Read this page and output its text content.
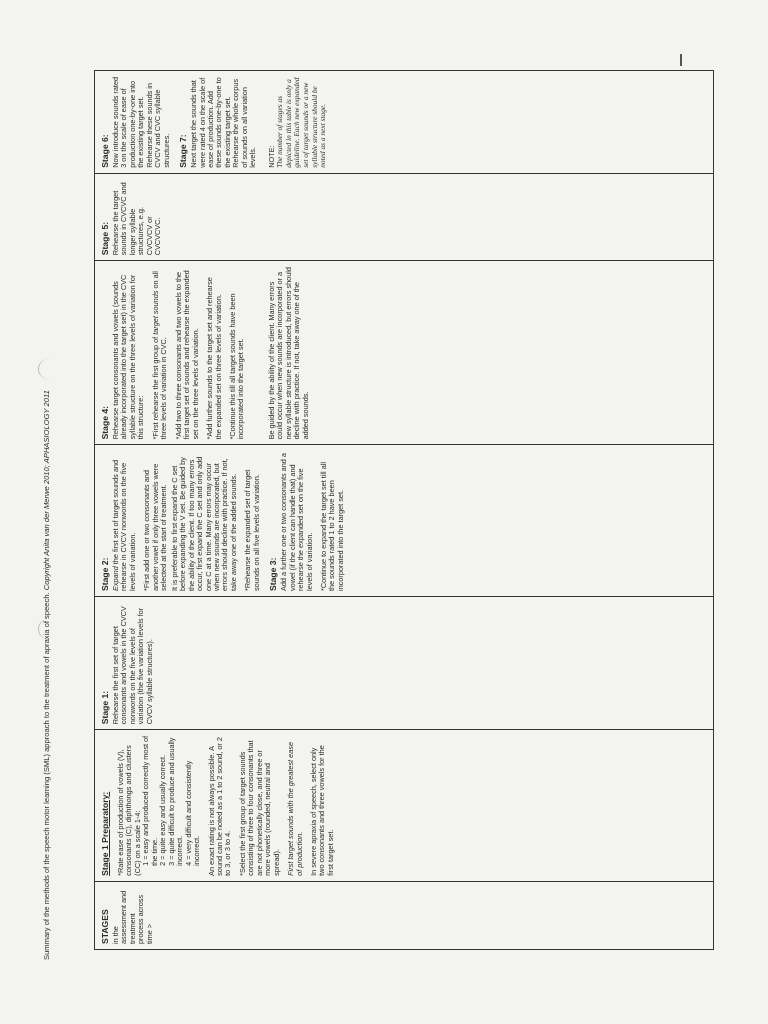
Summary of the methods of the speech motor learning (SML) approach to the treatment of apraxia of speech. Copyright Anita van der Merwe 2010; APHASIOLOGY 2011
STAGES in the assessment and treatment process across time >	
Stage 1 Preparatory: *Rate ease of production of vowels (V), consonants (C), diphthongs and clusters (CC) on a scale 1-4: 1 = easy and produced correctly most of the time. 2 = quite easy and usually correct. 3 = quite difficult to produce and usually incorrect. 4 = very difficult and consistently incorrect. An exact rating is not always possible. A sound can be noted as a 1 to 2 sound, or 2 to 3, or 3 to 4. *Select the first group of target sounds consisting of three to four consonants that are not phonetically close, and three or more vowels (rounded, neutral and spread). First target sounds with the greatest ease of production. In severe apraxia of speech, select only two consonants and three vowels for the first target set.

Stage 1: Rehearse the first set of target consonants and vowels in the CVCV nonwords on the five levels of variation (the five variation levels for CVCV syllable structures).	
Stage 2: Expand the first set of target sounds and rehearse in CVCV nonwords on the five levels of variation. *First add one or two consonants and another vowel if only three vowels were selected at the start of treatment. It is preferable to first expand the C set before expanding the V set. Be guided by the ability of the client. If too many errors occur, first expand the C set and only add one C at a time. Many errors may occur when new sounds are incorporated, but errors should decline with practice. If not, take away one of the added sounds. *Rehearse the expanded set of target sounds on all five levels of variation. Stage 3: Add a further one or two consonants and a vowel (if the client can handle that) and rehearse the expanded set on the five levels of variation. *Continue to expand the target set till all the sounds rated 1 to 2 have been incorporated into the target set.

Stage 4: Rehearse target consonants and vowels (sounds already incorporated into the target set) in the CVC syllable structure on the three levels of variation for this structure: *First rehearse the first group of target sounds on all three levels of variation in CVC. *Add two to three consonants and two vowels to the first target set of sounds and rehearse the expanded set on the three levels of variation. *Add further sounds to the target set and rehearse the expanded set on three levels of variation. *Continue this till all target sounds have been incorporated into the target set.	Be guided by the ability of the client. Many errors could occur when new sounds are incorporated or a new syllable structure is introduced, but errors should decline with practice. If not, take away one of the added sounds.

Stage 5: Rehearse the target sounds in CVCVC and longer syllable structures, e.g. CVCVCV or CVCVCVC.	
Stage 6: Now introduce sounds rated 3 on the scale of ease of production one-by-one into the existing target set. Rehearse these sounds in CVCV and CVC syllable structures. Stage 7: Next target the sounds that were rated 4 on the scale of ease of production. Add these sounds one-by-one to the existing target set. Rehearse the whole corpus of sounds on all variation levels. NOTE: The number of stages as depicted in this table is only a guideline. Each new expanded set of target sounds or a new syllable structure should be noted as a next stage.
